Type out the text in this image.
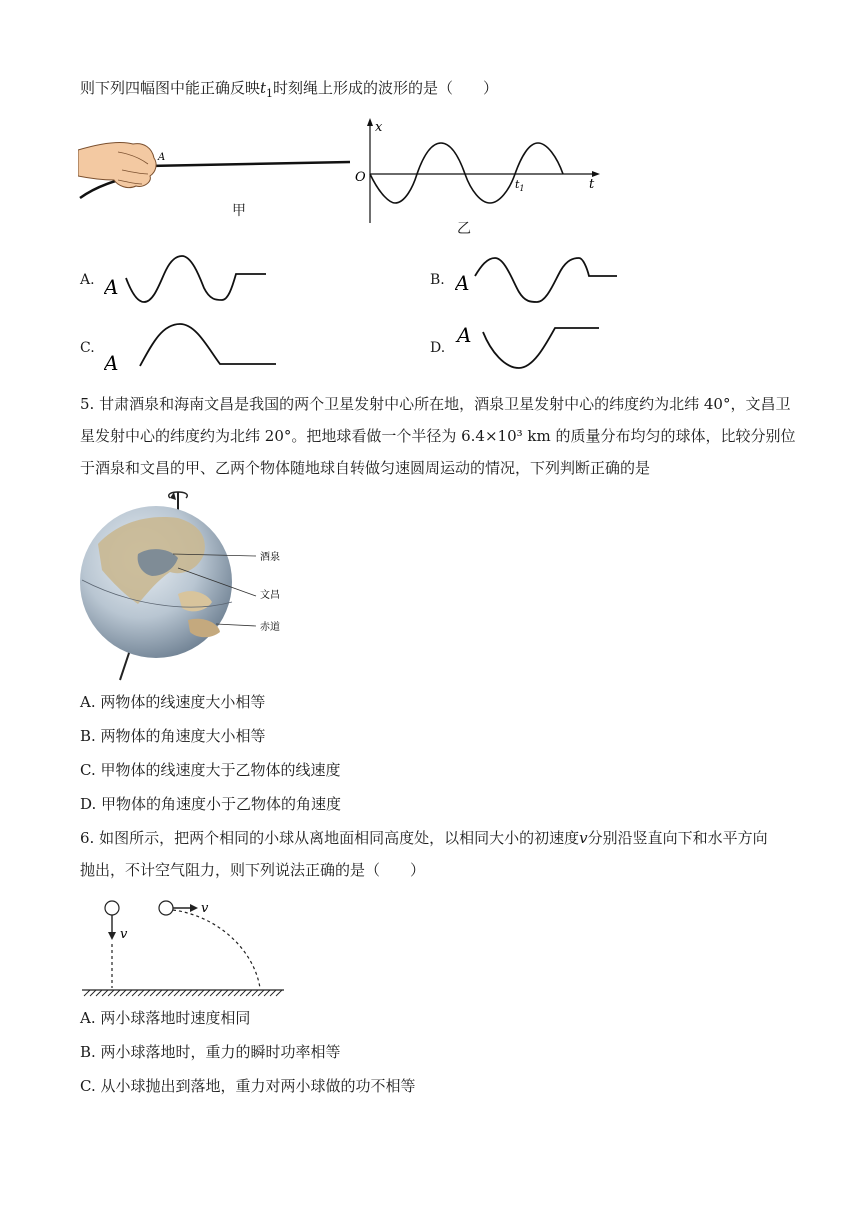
则下列四幅图中能正确反映$t_1$时刻绳上形成的波形的是（　　）
A
甲
x
t
O	$t_1$
乙
A. A	B. A
C.
A
D.
A
5. 甘肃酒泉和海南文昌是我国的两个卫星发射中心所在地，酒泉卫星发射中心的纬度约为北纬 40°，文昌卫
星发射中心的纬度约为北纬 20°。把地球看做一个半径为 6.4×10³ km 的质量分布均匀的球体，比较分别位
于酒泉和文昌的甲、乙两个物体随地球自转做匀速圆周运动的情况，下列判断正确的是
酒泉
文昌
赤道
A. 两物体的线速度大小相等
B. 两物体的角速度大小相等
C. 甲物体的线速度大于乙物体的线速度
D. 甲物体的角速度小于乙物体的角速度
6. 如图所示，把两个相同的小球从离地面相同高度处，以相同大小的初速度v分别沿竖直向下和水平方向
抛出，不计空气阻力，则下列说法正确的是（　　）
v
v
A. 两小球落地时速度相同
B. 两小球落地时，重力的瞬时功率相等
C. 从小球抛出到落地，重力对两小球做的功不相等
